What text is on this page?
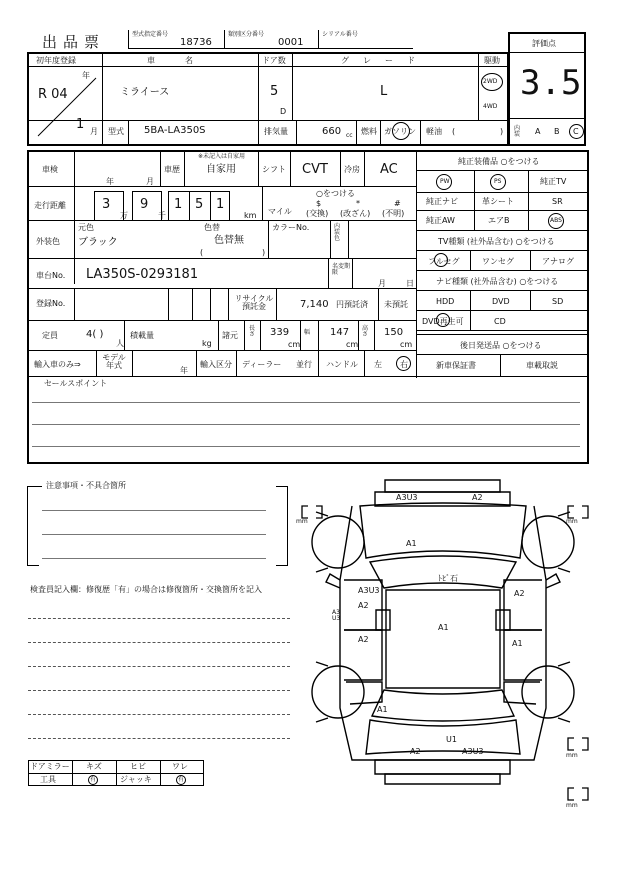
出品票	型式指定番号
18736
類別区分番号
0001
シリアル番号
評価点
3.5
内装 A B C
初年度登録	車名	ドア数	グレード	駆動
年
R 04
1 月
ミライース	5
D
L
2WD
4WD
型式 5BA-LA350S	排気量	660 cc 燃料 ガソリン 軽油 (	)
車検
年	月
車歴
※未記入は自家用
自家用	シフト CVT 冷房 AC
走行距離	3
万
9
千
1 5 1
km
○をつける
マイル
$
(交換)
*
(改ざん)
#
(不明)
外装色
元色
ブラック
色替
色替無
(	)
カラーNo.	内装色
車台No. LA350S-0293181
名変期限
月	日
登録No.
リサイクル預託金	7,140 円預託済 未預託
定員	4( )
人
積載量
kg
諸元
長さ 339
cm
幅 147
cm
高さ 150
cm
輸入車のみ⇒
モデル年式
年
輸入区分 ディーラー 並行 ハンドル 左 右
純正装備品 ○をつける
PW	PS	純正TV
純正ナビ	革シート	SR
純正AW	エアB	ABS
TV種類 (社外品含む) ○をつける
フルセグ	ワンセグ	アナログ
ナビ種類 (社外品含む) ○をつける
HDD	DVD	SD
DVD再生可	CD
後日発送品 ○をつける
新車保証書	車載取説
セールスポイント
注意事項・不具合箇所
検査員記入欄：修復歴「有」の場合は修復箇所・交換箇所を記入
ドアミラー キズ	ヒビ	ワレ
工具	有	ジャッキ	有
mm	mm
mm
mm
A3U3	A2
A1
ﾄﾋﾞ石
A3U3
A2
A3 U3
A2
A1
A2
A1
A1
A2
U1
A3U3
